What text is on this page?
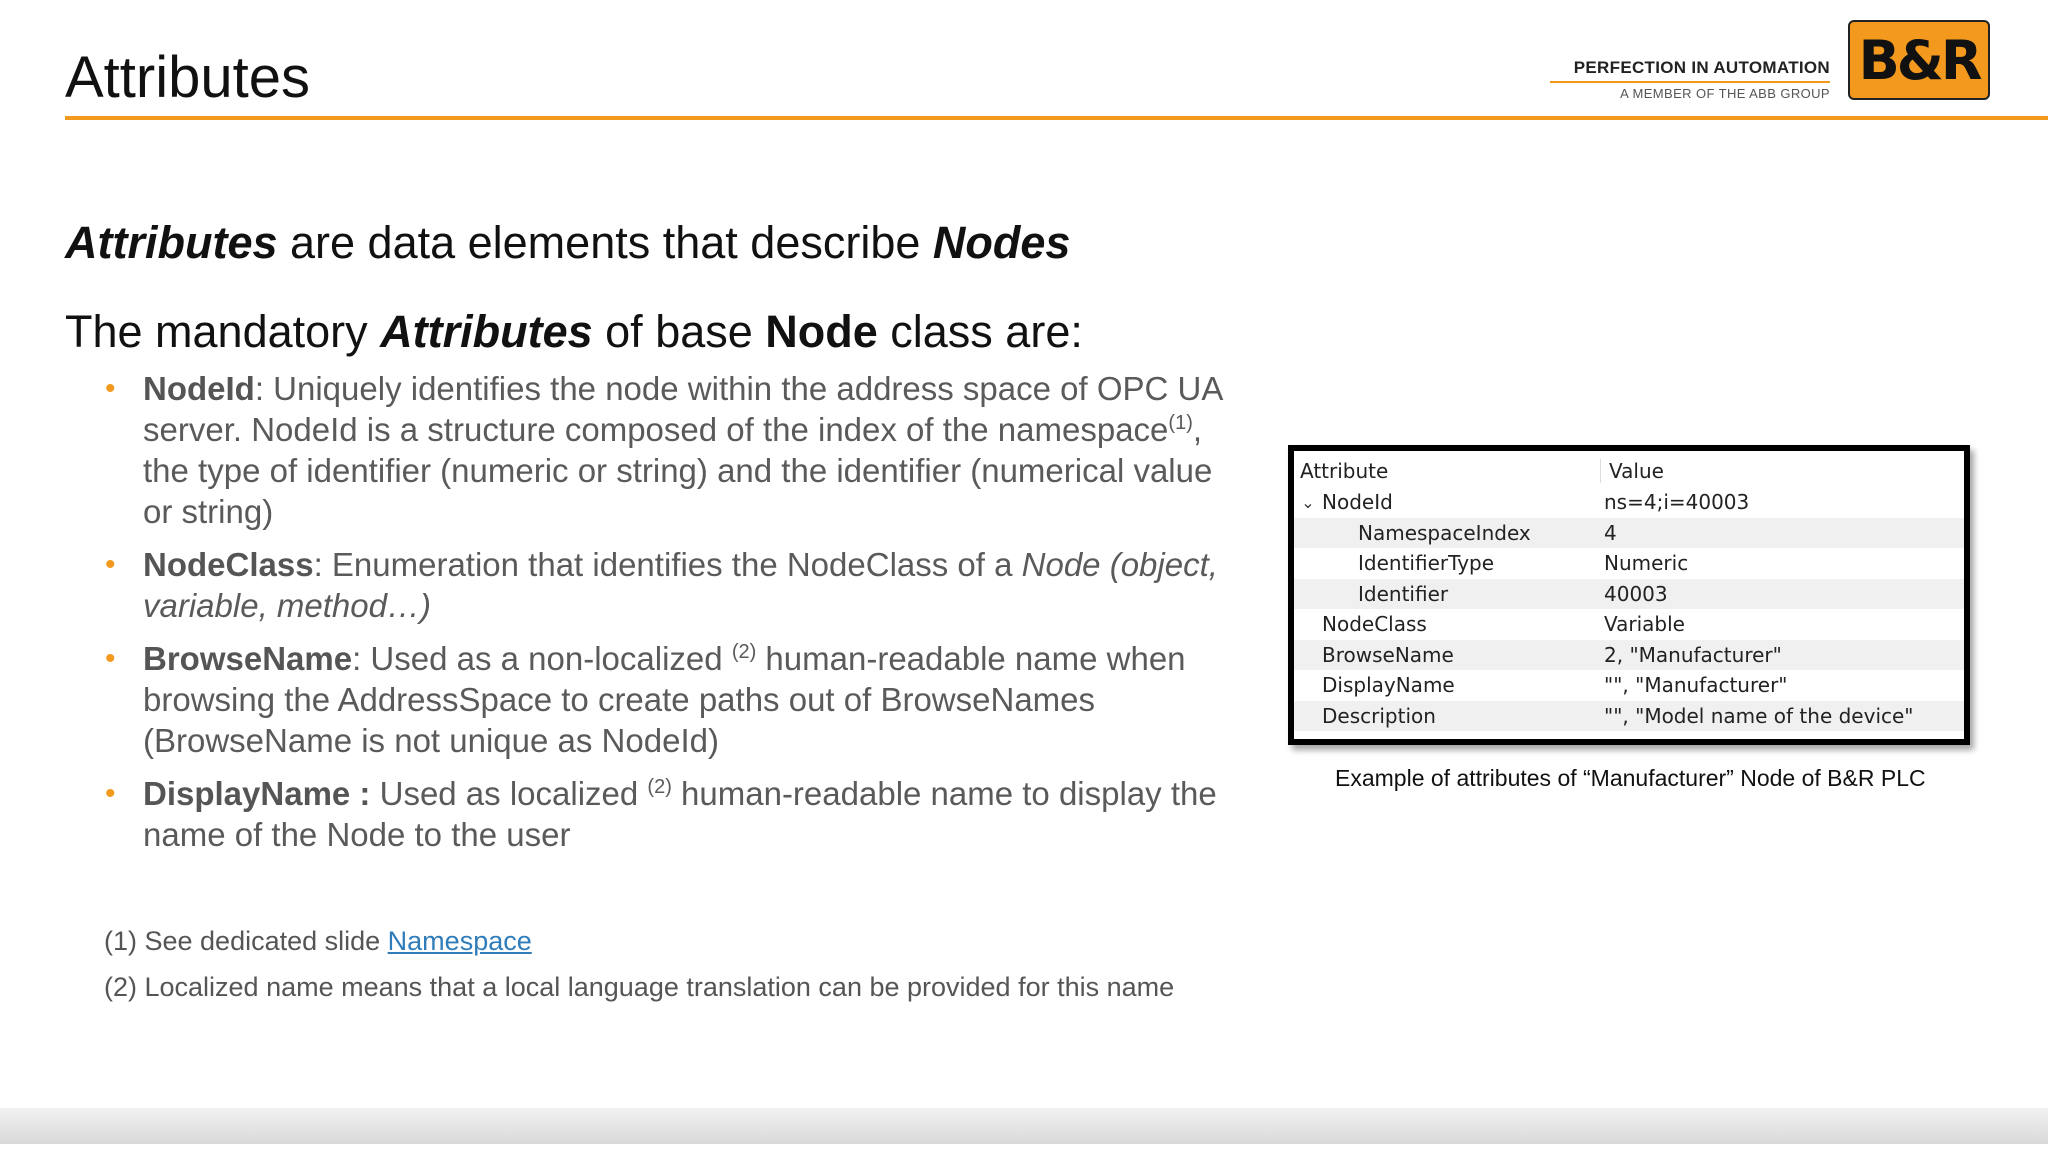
Attributes	PERFECTION IN AUTOMATION
A MEMBER OF THE ABB GROUP
B&R

Attributes are data elements that describe Nodes

The mandatory Attributes of base Node class are:

• NodeId: Uniquely identifies the node within the address space of OPC UA server. NodeId is a structure composed of the index of the namespace$^{(1)}$, the type of identifier (numeric or string) and the identifier (numerical value or string)
• NodeClass: Enumeration that identifies the NodeClass of a Node (object, variable, method…)
• BrowseName: Used as a non-localized $^{(2)}$ human-readable name when browsing the AddressSpace to create paths out of BrowseNames (BrowseName is not unique as NodeId)
• DisplayName : Used as localized $^{(2)}$ human-readable name to display the name of the Node to the user
(1) See dedicated slide Namespace
(2) Localized name means that a local language translation can be provided for this name
Attribute	Value
⌄ NodeId	ns=4;i=40003
NamespaceIndex	4
IdentifierType	Numeric
Identifier	40003
NodeClass	Variable
BrowseName	2, "Manufacturer"
DisplayName	"", "Manufacturer"
Description	"", "Model name of the device"
Example of attributes of “Manufacturer” Node of B&R PLC
